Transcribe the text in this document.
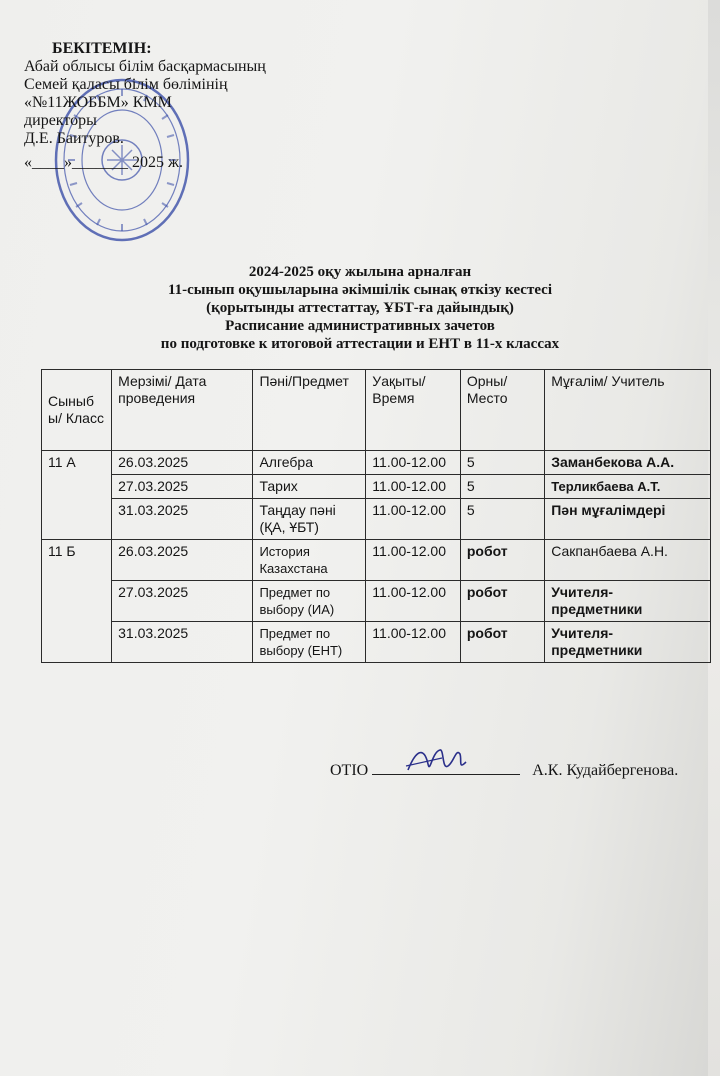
БЕКІТЕМІН:
Абай облысы білім басқармасының
Семей қаласы білім бөлімінің
«№11ЖОББМ» КММ
директоры
Д.Е. Баитуров.
«____»_______ 2025 ж.
2024-2025 оқу жылына арналған
11-сынып оқушыларына әкімшілік сынақ өткізу кестесі
(қорытынды аттестаттау, ҰБТ-ға дайындық)
Расписание административных зачетов
по подготовке к итоговой аттестации и ЕНТ в 11-х классах
Сыныб ы/ Класс	Мерзімі/ Дата проведения	Пәні/Предмет	Уақыты/ Время	Орны/ Место	Мұғалім/ Учитель
11 А	26.03.2025	Алгебра	11.00-12.00	5	Заманбекова А.А.
	27.03.2025	Тарих	11.00-12.00	5	Терликбаева А.Т.
	31.03.2025	Таңдау пәні (ҚА, ҰБТ)	11.00-12.00	5	Пән мұғалімдері
11 Б	26.03.2025	История Казахстана	11.00-12.00	робот	Сакпанбаева А.Н.
	27.03.2025	Предмет по выбору (ИА)	11.00-12.00	робот	Учителя-предметники
	31.03.2025	Предмет по выбору (ЕНТ)	11.00-12.00	робот	Учителя-предметники
ОТІО	А.К. Кудайбергенова.
